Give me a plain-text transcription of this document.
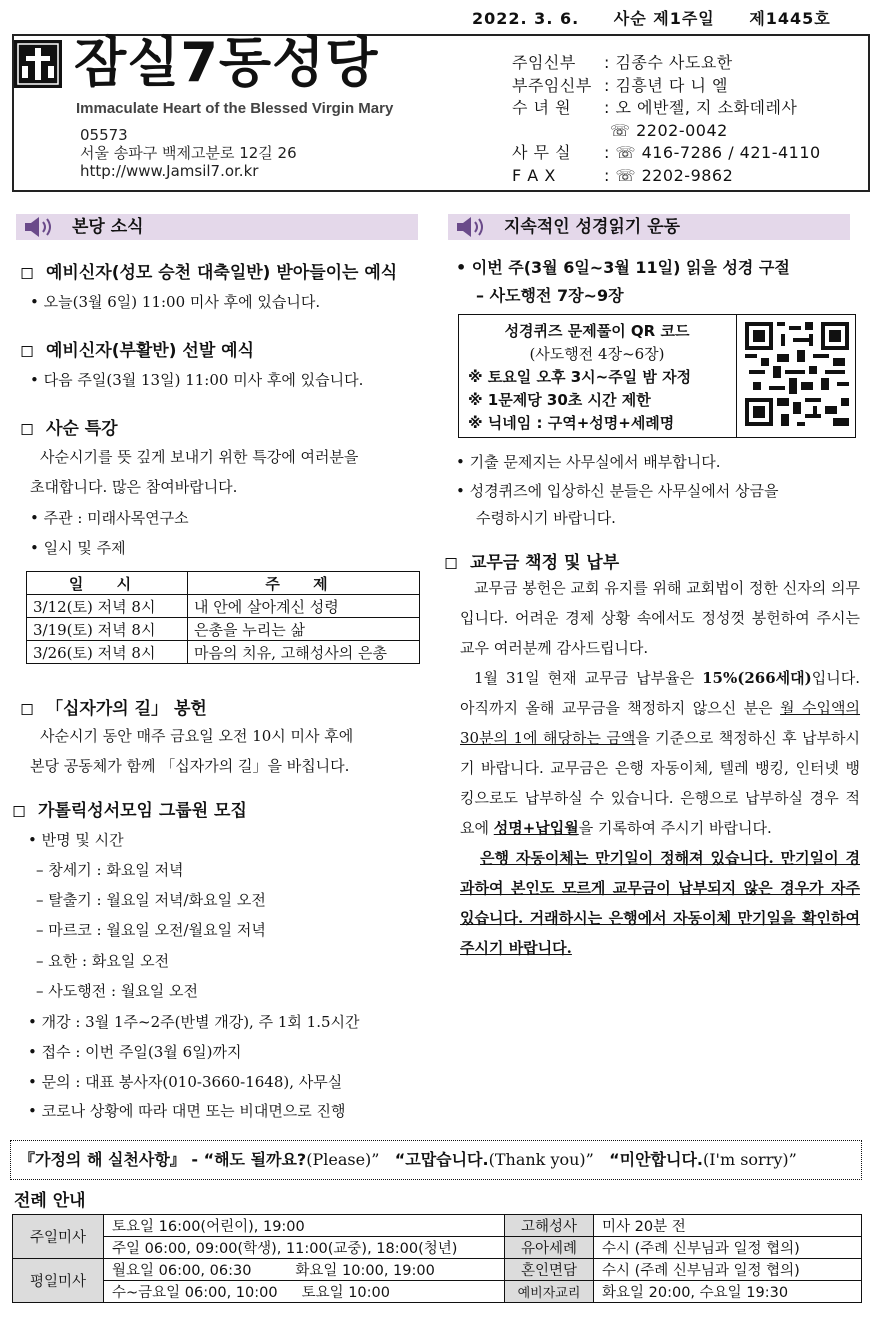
2022. 3. 6. 사순 제1주일 제1445호
잠실7동성당
Immaculate Heart of the Blessed Virgin Mary
05573
서울 송파구 백제고분로 12길 26
http://www.Jamsil7.or.kr
주임신부 : 김종수 사도요한
부주임신부 : 김흥년 다 니 엘
수 녀 원 : 오 에반젤, 지 소화데레사
☏ 2202-0042
사 무 실 : ☏ 416-7286 / 421-4110
F A X	: ☏ 2202-9862
본당 소식
◻ 예비신자(성모 승천 대축일반) 받아들이는 예식
• 오늘(3월 6일) 11:00 미사 후에 있습니다.
◻ 예비신자(부활반) 선발 예식
• 다음 주일(3월 13일) 11:00 미사 후에 있습니다.
◻ 사순 특강
사순시기를 뜻 깊게 보내기 위한 특강에 여러분을
초대합니다. 많은 참여바랍니다.
• 주관 : 미래사목연구소
• 일시 및 주제
일 시	주 제
3/12(토) 저녁 8시	내 안에 살아계신 성령
3/19(토) 저녁 8시	은총을 누리는 삶
3/26(토) 저녁 8시	마음의 치유, 고해성사의 은총
◻ 「십자가의 길」 봉헌
사순시기 동안 매주 금요일 오전 10시 미사 후에
본당 공동체가 함께 「십자가의 길」을 바칩니다.
◻ 가톨릭성서모임 그룹원 모집
• 반명 및 시간
– 창세기 : 화요일 저녁
– 탈출기 : 월요일 저녁/화요일 오전
– 마르코 : 월요일 오전/월요일 저녁
– 요한 : 화요일 오전
– 사도행전 : 월요일 오전
• 개강 : 3월 1주~2주(반별 개강), 주 1회 1.5시간
• 접수 : 이번 주일(3월 6일)까지
• 문의 : 대표 봉사자(010-3660-1648), 사무실
• 코로나 상황에 따라 대면 또는 비대면으로 진행
지속적인 성경읽기 운동
• 이번 주(3월 6일~3월 11일) 읽을 성경 구절
– 사도행전 7장~9장
성경퀴즈 문제풀이 QR 코드
(사도행전 4장~6장)
※ 토요일 오후 3시~주일 밤 자정
※ 1문제당 30초 시간 제한
※ 닉네임 : 구역+성명+세례명
• 기출 문제지는 사무실에서 배부합니다.
• 성경퀴즈에 입상하신 분들은 사무실에서 상금을
수령하시기 바랍니다.
◻ 교무금 책정 및 납부
교무금 봉헌은 교회 유지를 위해 교회법이 정한 신자의 의무입니다. 어려운 경제 상황 속에서도 정성껏 봉헌하여 주시는 교우 여러분께 감사드립니다.
1월 31일 현재 교무금 납부율은 15%(266세대)입니다. 아직까지 올해 교무금을 책정하지 않으신 분은 월 수입액의 30분의 1에 해당하는 금액을 기준으로 책정하신 후 납부하시기 바랍니다. 교무금은 은행 자동이체, 텔레 뱅킹, 인터넷 뱅킹으로도 납부하실 수 있습니다. 은행으로 납부하실 경우 적요에 성명+납입월을 기록하여 주시기 바랍니다.
은행 자동이체는 만기일이 정해져 있습니다. 만기일이 경과하여 본인도 모르게 교무금이 납부되지 않은 경우가 자주 있습니다. 거래하시는 은행에서 자동이체 만기일을 확인하여 주시기 바랍니다.
『가정의 해 실천사항』 - “해도 될까요?(Please)” “고맙습니다.(Thank you)” “미안합니다.(I'm sorry)”
전례 안내
주일미사	토요일 16:00(어린이), 19:00	고해성사	미사 20분 전
	주일 06:00, 09:00(학생), 11:00(교중), 18:00(청년)	유아세례	수시 (주례 신부님과 일정 협의)
평일미사	월요일 06:00, 06:30 화요일 10:00, 19:00	혼인면담	수시 (주례 신부님과 일정 협의)
	수~금요일 06:00, 10:00 토요일 10:00	예비자교리	화요일 20:00, 수요일 19:30
